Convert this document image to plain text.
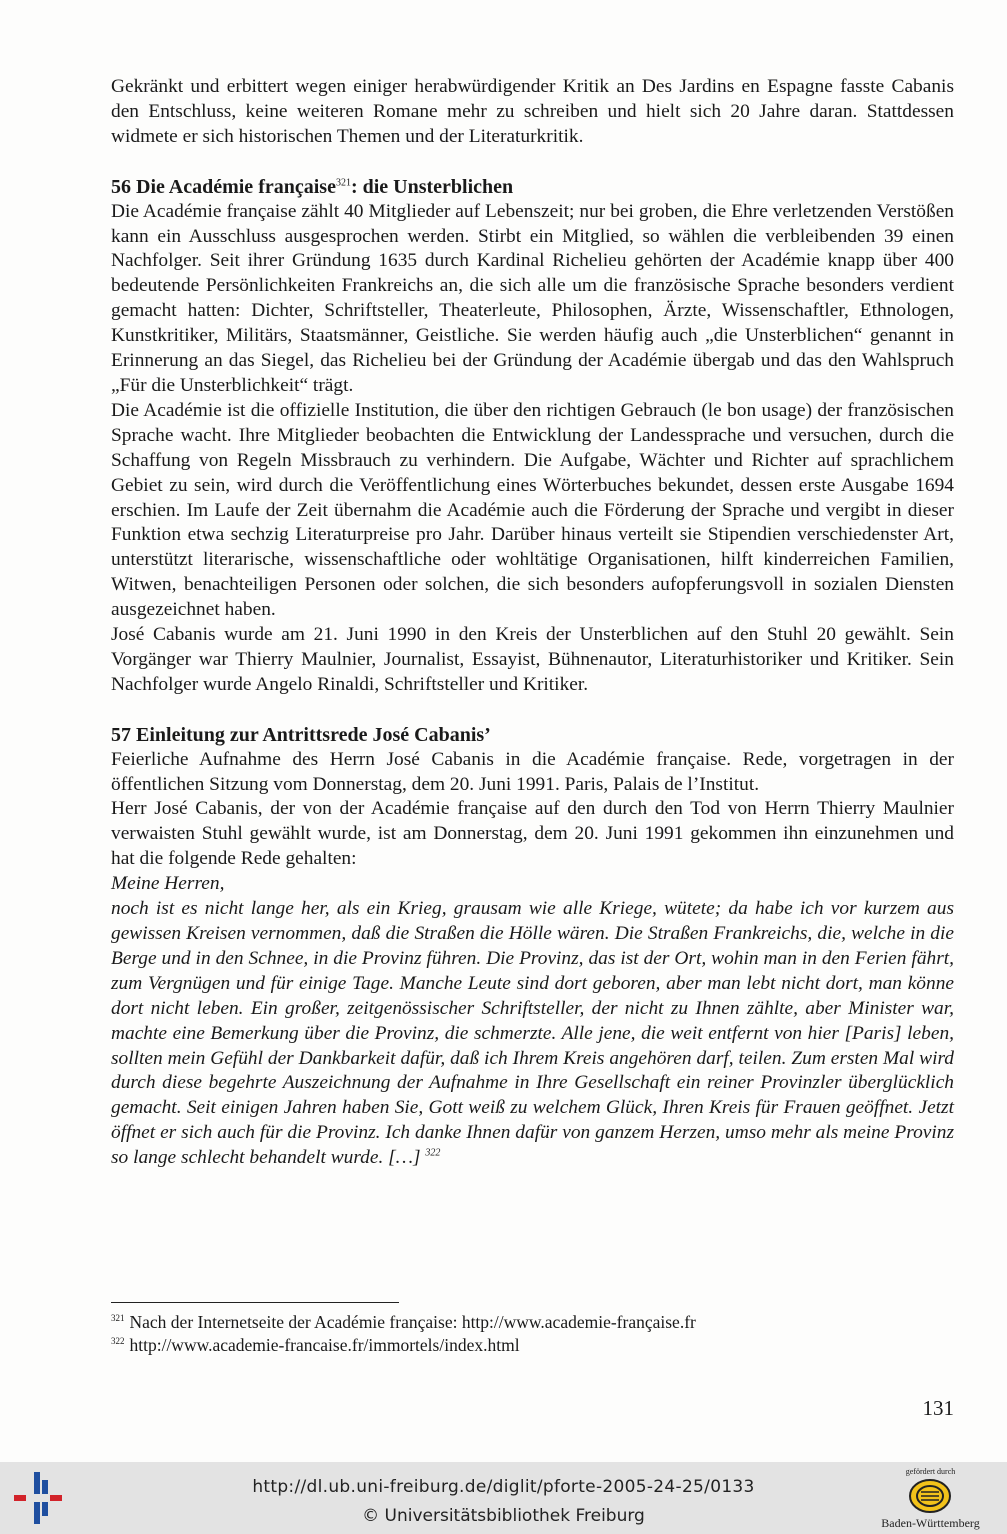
Gekränkt und erbittert wegen einiger herabwürdigender Kritik an Des Jardins en Espagne fasste Cabanis den Entschluss, keine weiteren Romane mehr zu schreiben und hielt sich 20 Jahre daran. Stattdessen widmete er sich historischen Themen und der Literaturkritik.

56 Die Académie française$^{321}$: die Unsterblichen

Die Académie française zählt 40 Mitglieder auf Lebenszeit; nur bei groben, die Ehre verletzenden Verstößen kann ein Ausschluss ausgesprochen werden. Stirbt ein Mitglied, so wählen die verbleibenden 39 einen Nachfolger. Seit ihrer Gründung 1635 durch Kardinal Richelieu gehörten der Académie knapp über 400 bedeutende Persönlichkeiten Frankreichs an, die sich alle um die französische Sprache besonders verdient gemacht hatten: Dichter, Schriftsteller, Theaterleute, Philosophen, Ärzte, Wissenschaftler, Ethnologen, Kunstkritiker, Militärs, Staatsmänner, Geistliche. Sie werden häufig auch „die Unsterblichen“ genannt in Erinnerung an das Siegel, das Richelieu bei der Gründung der Académie übergab und das den Wahlspruch „Für die Unsterblichkeit“ trägt.

Die Académie ist die offizielle Institution, die über den richtigen Gebrauch (le bon usage) der französischen Sprache wacht. Ihre Mitglieder beobachten die Entwicklung der Landessprache und versuchen, durch die Schaffung von Regeln Missbrauch zu verhindern. Die Aufgabe, Wächter und Richter auf sprachlichem Gebiet zu sein, wird durch die Veröffentlichung eines Wörterbuches bekundet, dessen erste Ausgabe 1694 erschien. Im Laufe der Zeit übernahm die Académie auch die Förderung der Sprache und vergibt in dieser Funktion etwa sechzig Literaturpreise pro Jahr. Darüber hinaus verteilt sie Stipendien verschiedenster Art, unterstützt literarische, wissenschaftliche oder wohltätige Organisationen, hilft kinderreichen Familien, Witwen, benachteiligen Personen oder solchen, die sich besonders aufopferungsvoll in sozialen Diensten ausgezeichnet haben.

José Cabanis wurde am 21. Juni 1990 in den Kreis der Unsterblichen auf den Stuhl 20 gewählt. Sein Vorgänger war Thierry Maulnier, Journalist, Essayist, Bühnenautor, Literaturhistoriker und Kritiker. Sein Nachfolger wurde Angelo Rinaldi, Schriftsteller und Kritiker.

57 Einleitung zur Antrittsrede José Cabanis’

Feierliche Aufnahme des Herrn José Cabanis in die Académie française. Rede, vorgetragen in der öffentlichen Sitzung vom Donnerstag, dem 20. Juni 1991. Paris, Palais de l’Institut.

Herr José Cabanis, der von der Académie française auf den durch den Tod von Herrn Thierry Maulnier verwaisten Stuhl gewählt wurde, ist am Donnerstag, dem 20. Juni 1991 gekommen ihn einzunehmen und hat die folgende Rede gehalten:

Meine Herren,

noch ist es nicht lange her, als ein Krieg, grausam wie alle Kriege, wütete; da habe ich vor kurzem aus gewissen Kreisen vernommen, daß die Straßen die Hölle wären. Die Straßen Frankreichs, die, welche in die Berge und in den Schnee, in die Provinz führen. Die Provinz, das ist der Ort, wohin man in den Ferien fährt, zum Vergnügen und für einige Tage. Manche Leute sind dort geboren, aber man lebt nicht dort, man könne dort nicht leben. Ein großer, zeitgenössischer Schriftsteller, der nicht zu Ihnen zählte, aber Minister war, machte eine Bemerkung über die Provinz, die schmerzte. Alle jene, die weit entfernt von hier [Paris] leben, sollten mein Gefühl der Dankbarkeit dafür, daß ich Ihrem Kreis angehören darf, teilen. Zum ersten Mal wird durch diese begehrte Auszeichnung der Aufnahme in Ihre Gesellschaft ein reiner Provinzler überglücklich gemacht. Seit einigen Jahren haben Sie, Gott weiß zu welchem Glück, Ihren Kreis für Frauen geöffnet. Jetzt öffnet er sich auch für die Provinz. Ich danke Ihnen dafür von ganzem Herzen, umso mehr als meine Provinz so lange schlecht behandelt wurde. […] $^{322}$

$^{321}$ Nach der Internetseite der Académie française: http://www.academie-française.fr

$^{322}$ http://www.academie-francaise.fr/immortels/index.html

131
http://dl.ub.uni-freiburg.de/diglit/pforte-2005-24-25/0133
© Universitätsbibliothek Freiburg
gefördert durch
Baden-Württemberg
